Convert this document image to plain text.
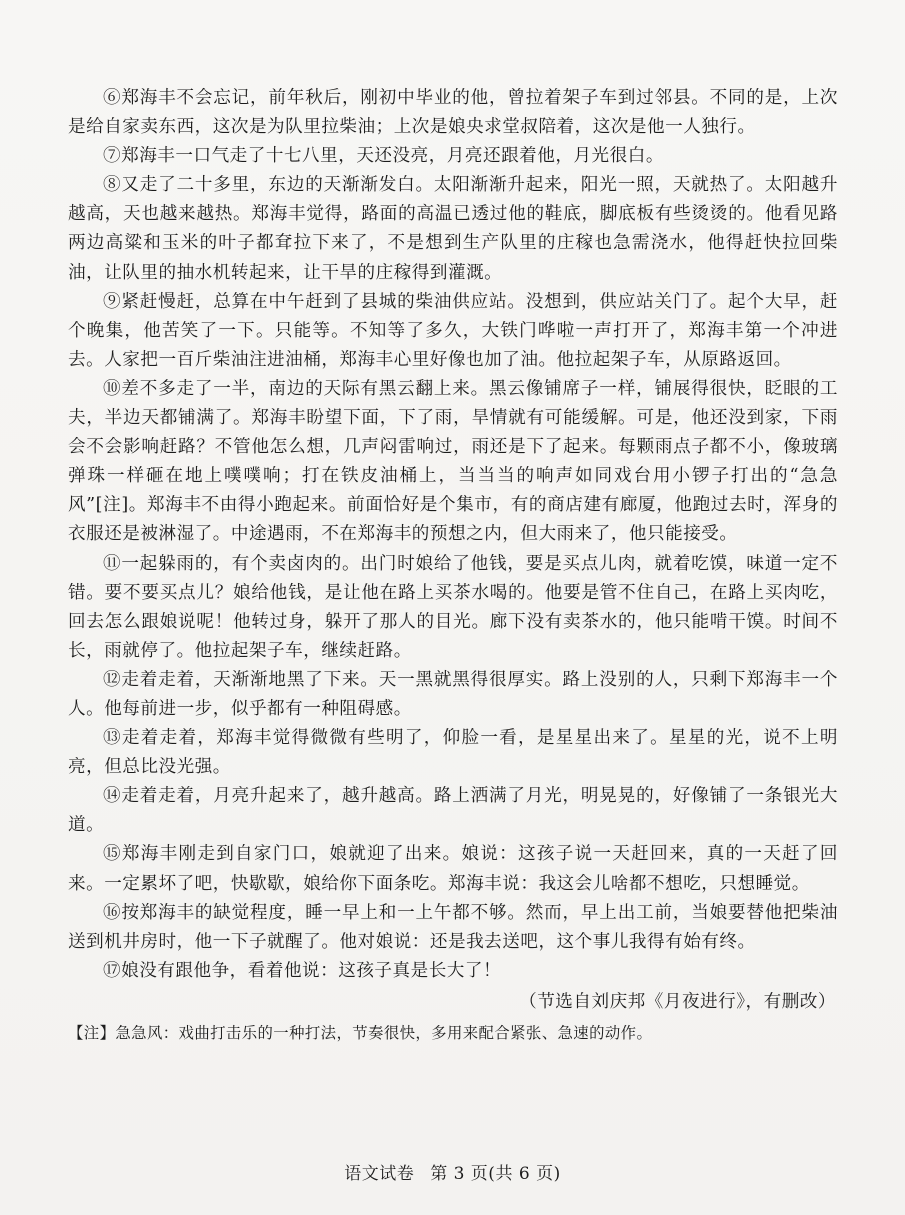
⑥郑海丰不会忘记，前年秋后，刚初中毕业的他，曾拉着架子车到过邻县。不同的是，上次是给自家卖东西，这次是为队里拉柴油；上次是娘央求堂叔陪着，这次是他一人独行。

⑦郑海丰一口气走了十七八里，天还没亮，月亮还跟着他，月光很白。

⑧又走了二十多里，东边的天渐渐发白。太阳渐渐升起来，阳光一照，天就热了。太阳越升越高，天也越来越热。郑海丰觉得，路面的高温已透过他的鞋底，脚底板有些烫烫的。他看见路两边高粱和玉米的叶子都耷拉下来了，不是想到生产队里的庄稼也急需浇水，他得赶快拉回柴油，让队里的抽水机转起来，让干旱的庄稼得到灌溉。

⑨紧赶慢赶，总算在中午赶到了县城的柴油供应站。没想到，供应站关门了。起个大早，赶个晚集，他苦笑了一下。只能等。不知等了多久，大铁门哗啦一声打开了，郑海丰第一个冲进去。人家把一百斤柴油注进油桶，郑海丰心里好像也加了油。他拉起架子车，从原路返回。

⑩差不多走了一半，南边的天际有黑云翻上来。黑云像铺席子一样，铺展得很快，眨眼的工夫，半边天都铺满了。郑海丰盼望下面，下了雨，旱情就有可能缓解。可是，他还没到家，下雨会不会影响赶路？不管他怎么想，几声闷雷响过，雨还是下了起来。每颗雨点子都不小，像玻璃弹珠一样砸在地上噗噗响；打在铁皮油桶上，当当当的响声如同戏台用小锣子打出的“急急风”[注]。郑海丰不由得小跑起来。前面恰好是个集市，有的商店建有廊厦，他跑过去时，浑身的衣服还是被淋湿了。中途遇雨，不在郑海丰的预想之内，但大雨来了，他只能接受。

⑪一起躲雨的，有个卖卤肉的。出门时娘给了他钱，要是买点儿肉，就着吃馍，味道一定不错。要不要买点儿？娘给他钱，是让他在路上买茶水喝的。他要是管不住自己，在路上买肉吃，回去怎么跟娘说呢！他转过身，躲开了那人的目光。廊下没有卖茶水的，他只能啃干馍。时间不长，雨就停了。他拉起架子车，继续赶路。

⑫走着走着，天渐渐地黑了下来。天一黑就黑得很厚实。路上没别的人，只剩下郑海丰一个人。他每前进一步，似乎都有一种阻碍感。

⑬走着走着，郑海丰觉得微微有些明了，仰脸一看，是星星出来了。星星的光，说不上明亮，但总比没光强。

⑭走着走着，月亮升起来了，越升越高。路上洒满了月光，明晃晃的，好像铺了一条银光大道。

⑮郑海丰刚走到自家门口，娘就迎了出来。娘说：这孩子说一天赶回来，真的一天赶了回来。一定累坏了吧，快歇歇，娘给你下面条吃。郑海丰说：我这会儿啥都不想吃，只想睡觉。

⑯按郑海丰的缺觉程度，睡一早上和一上午都不够。然而，早上出工前，当娘要替他把柴油送到机井房时，他一下子就醒了。他对娘说：还是我去送吧，这个事儿我得有始有终。

⑰娘没有跟他争，看着他说：这孩子真是长大了！

（节选自刘庆邦《月夜进行》，有删改）

【注】急急风：戏曲打击乐的一种打法，节奏很快，多用来配合紧张、急速的动作。

语文试卷 第 3 页(共 6 页)
